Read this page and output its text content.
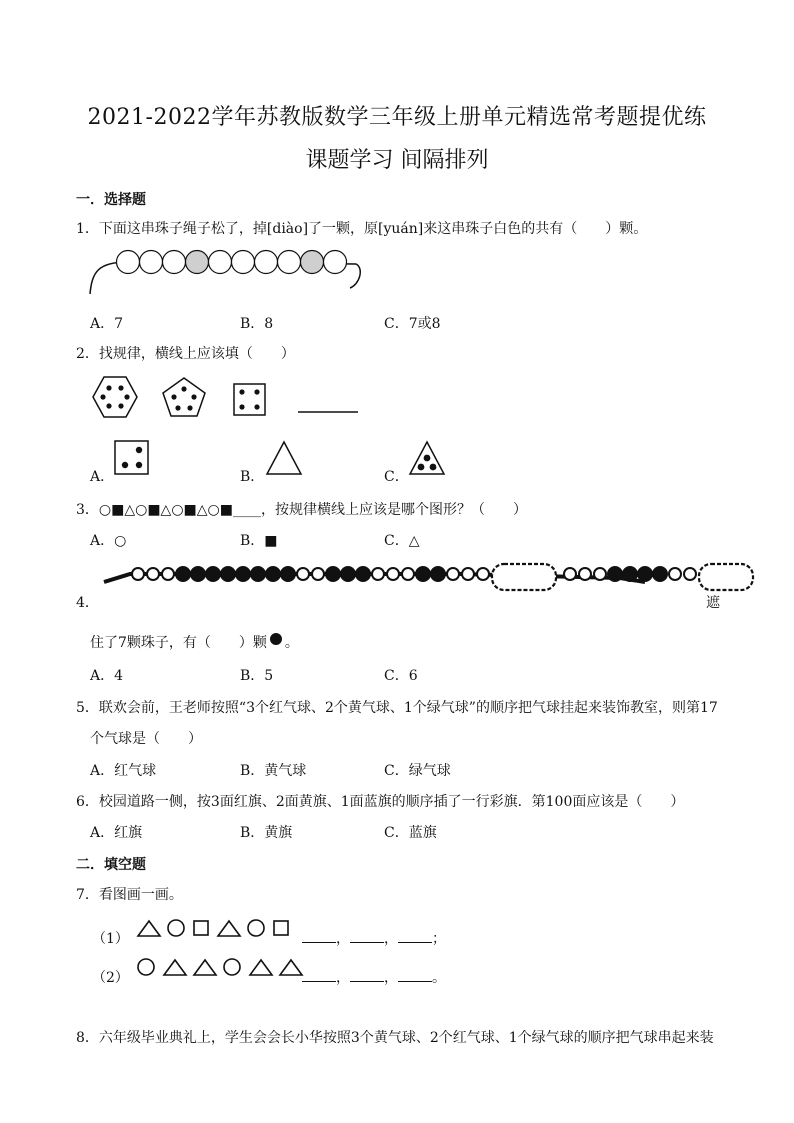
2021-2022学年苏教版数学三年级上册单元精选常考题提优练
课题学习 间隔排列
一．选择题
1．下面这串珠子绳子松了，掉[diào]了一颗，原[yuán]来这串珠子白色的共有（　　）颗。
A．7	B．8	C．7或8
2．找规律，横线上应该填（　　）
A．	B．	C．
3．○■△○■△○■△○■____，按规律横线上应该是哪个图形？（　　）
A．○	B．■	C．△
4．	遮
住了7颗珠子，有（　　）颗 。
A．4	B．5	C．6
5．联欢会前，王老师按照“3个红气球、2个黄气球、1个绿气球”的顺序把气球挂起来装饰教室，则第17
个气球是（　　）
A．红气球	B．黄气球	C．绿气球
6．校园道路一侧，按3面红旗、2面黄旗、1面蓝旗的顺序插了一行彩旗．第100面应该是（　　）
A．红旗	B．黄旗	C．蓝旗
二．填空题
7．看图画一画。
（1）	， ， ；
（2）	， ， 。
8．六年级毕业典礼上，学生会会长小华按照3个黄气球、2个红气球、1个绿气球的顺序把气球串起来装
